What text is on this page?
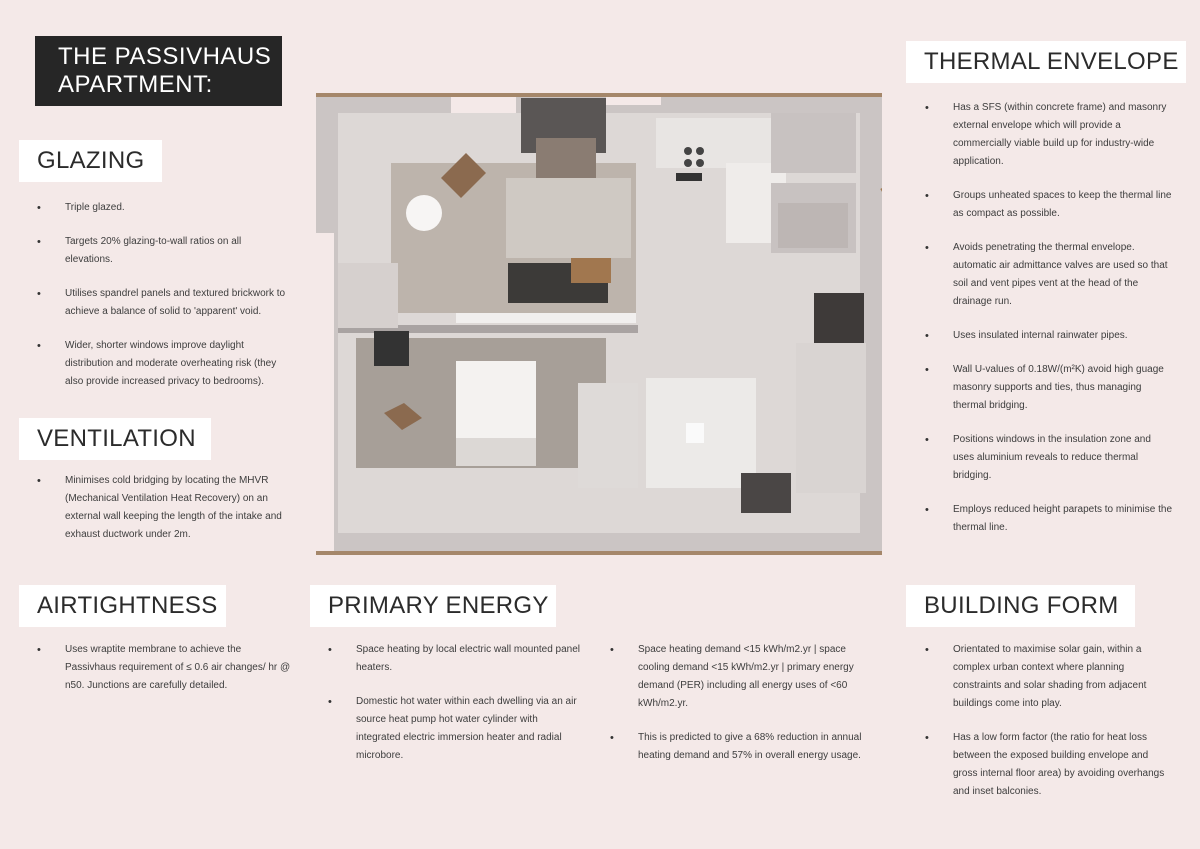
THE PASSIVHAUS
APARTMENT:
GLAZING
• Triple glazed.
• Targets 20% glazing-to-wall ratios on all elevations.
• Utilises spandrel panels and textured brickwork to achieve a balance of solid to 'apparent' void.
• Wider, shorter windows improve daylight distribution and moderate overheating risk (they also provide increased privacy to bedrooms).
VENTILATION
• Minimises cold bridging by locating the MHVR (Mechanical Ventilation Heat Recovery) on an external wall keeping the length of the intake and exhaust ductwork under 2m.
AIRTIGHTNESS
• Uses wraptite membrane to achieve the Passivhaus requirement of ≤ 0.6 air changes/ hr @ n50. Junctions are carefully detailed.
PRIMARY ENERGY
• Space heating by local electric wall mounted panel heaters.
• Domestic hot water within each dwelling via an air source heat pump hot water cylinder with integrated electric immersion heater and radial microbore.
• Space heating demand <15 kWh/m2.yr | space cooling demand <15 kWh/m2.yr | primary energy demand (PER) including all energy uses of <60 kWh/m2.yr.
• This is predicted to give a 68% reduction in annual heating demand and 57% in overall energy usage.
THERMAL ENVELOPE
• Has a SFS (within concrete frame) and masonry external envelope which will provide a commercially viable build up for industry-wide application.
• Groups unheated spaces to keep the thermal line as compact as possible.
• Avoids penetrating the thermal envelope. automatic air admittance valves are used so that soil and vent pipes vent at the head of the drainage run.
• Uses insulated internal rainwater pipes.
• Wall U-values of 0.18W/(m²K) avoid high guage masonry supports and ties, thus managing thermal bridging.
• Positions windows in the insulation zone and uses aluminium reveals to reduce thermal bridging.
• Employs reduced height parapets to minimise the thermal line.
BUILDING FORM
• Orientated to maximise solar gain, within a complex urban context where planning constraints and solar shading from adjacent buildings come into play.
• Has a low form factor (the ratio for heat loss between the exposed building envelope and gross internal floor area) by avoiding overhangs and inset balconies.
